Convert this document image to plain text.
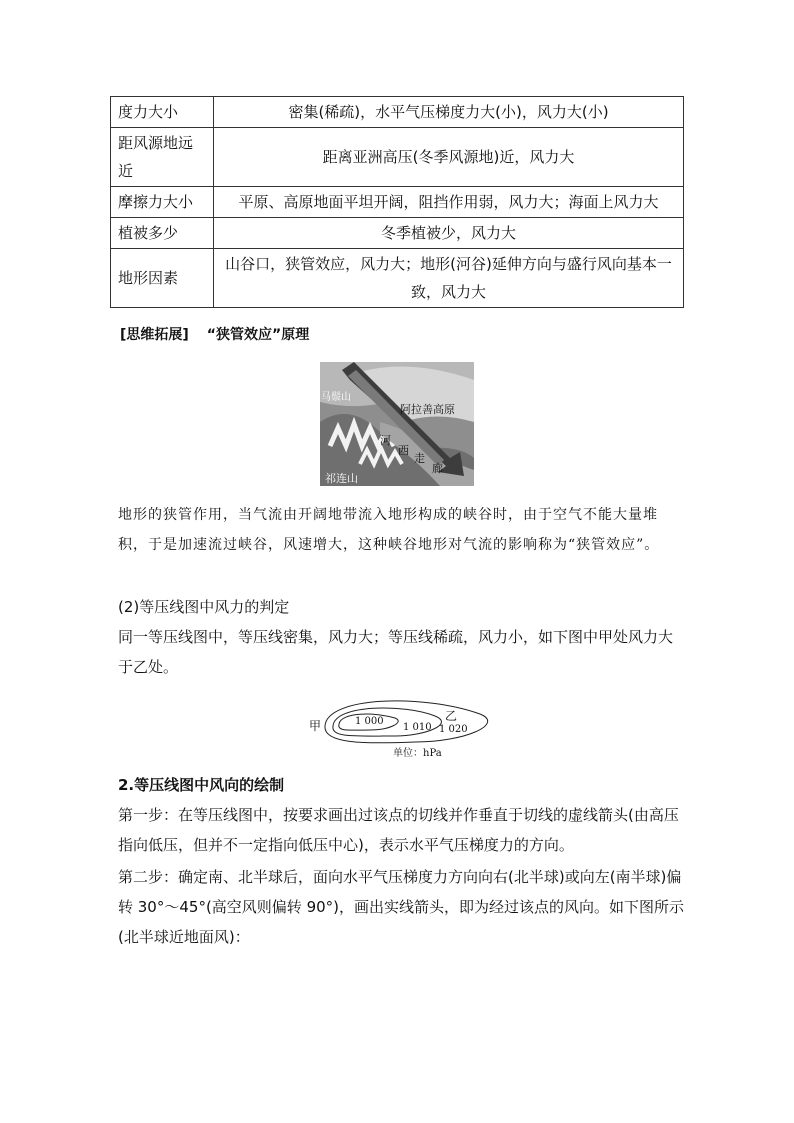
度力大小	密集(稀疏)，水平气压梯度力大(小)，风力大(小)
距风源地远近	距离亚洲高压(冬季风源地)近，风力大
摩擦力大小	平原、高原地面平坦开阔，阻挡作用弱，风力大；海面上风力大
植被多少	冬季植被少，风力大
地形因素	山谷口，狭管效应，风力大；地形(河谷)延伸方向与盛行风向基本一致，风力大
[思维拓展] “狭管效应”原理
马鬃山
阿拉善高原
祁连山
河
西
走
廊
地形的狭管作用，当气流由开阔地带流入地形构成的峡谷时，由于空气不能大量堆积，于是加速流过峡谷，风速增大，这种峡谷地形对气流的影响称为“狭管效应”。
(2)等压线图中风力的判定
同一等压线图中，等压线密集，风力大；等压线稀疏，风力小，如下图中甲处风力大于乙处。
甲	1 000
1 010
乙
1 020
单位：hPa
2.等压线图中风向的绘制
第一步：在等压线图中，按要求画出过该点的切线并作垂直于切线的虚线箭头(由高压指向低压，但并不一定指向低压中心)，表示水平气压梯度力的方向。
第二步：确定南、北半球后，面向水平气压梯度力方向向右(北半球)或向左(南半球)偏转 30°～45°(高空风则偏转 90°)，画出实线箭头，即为经过该点的风向。如下图所示(北半球近地面风)：
